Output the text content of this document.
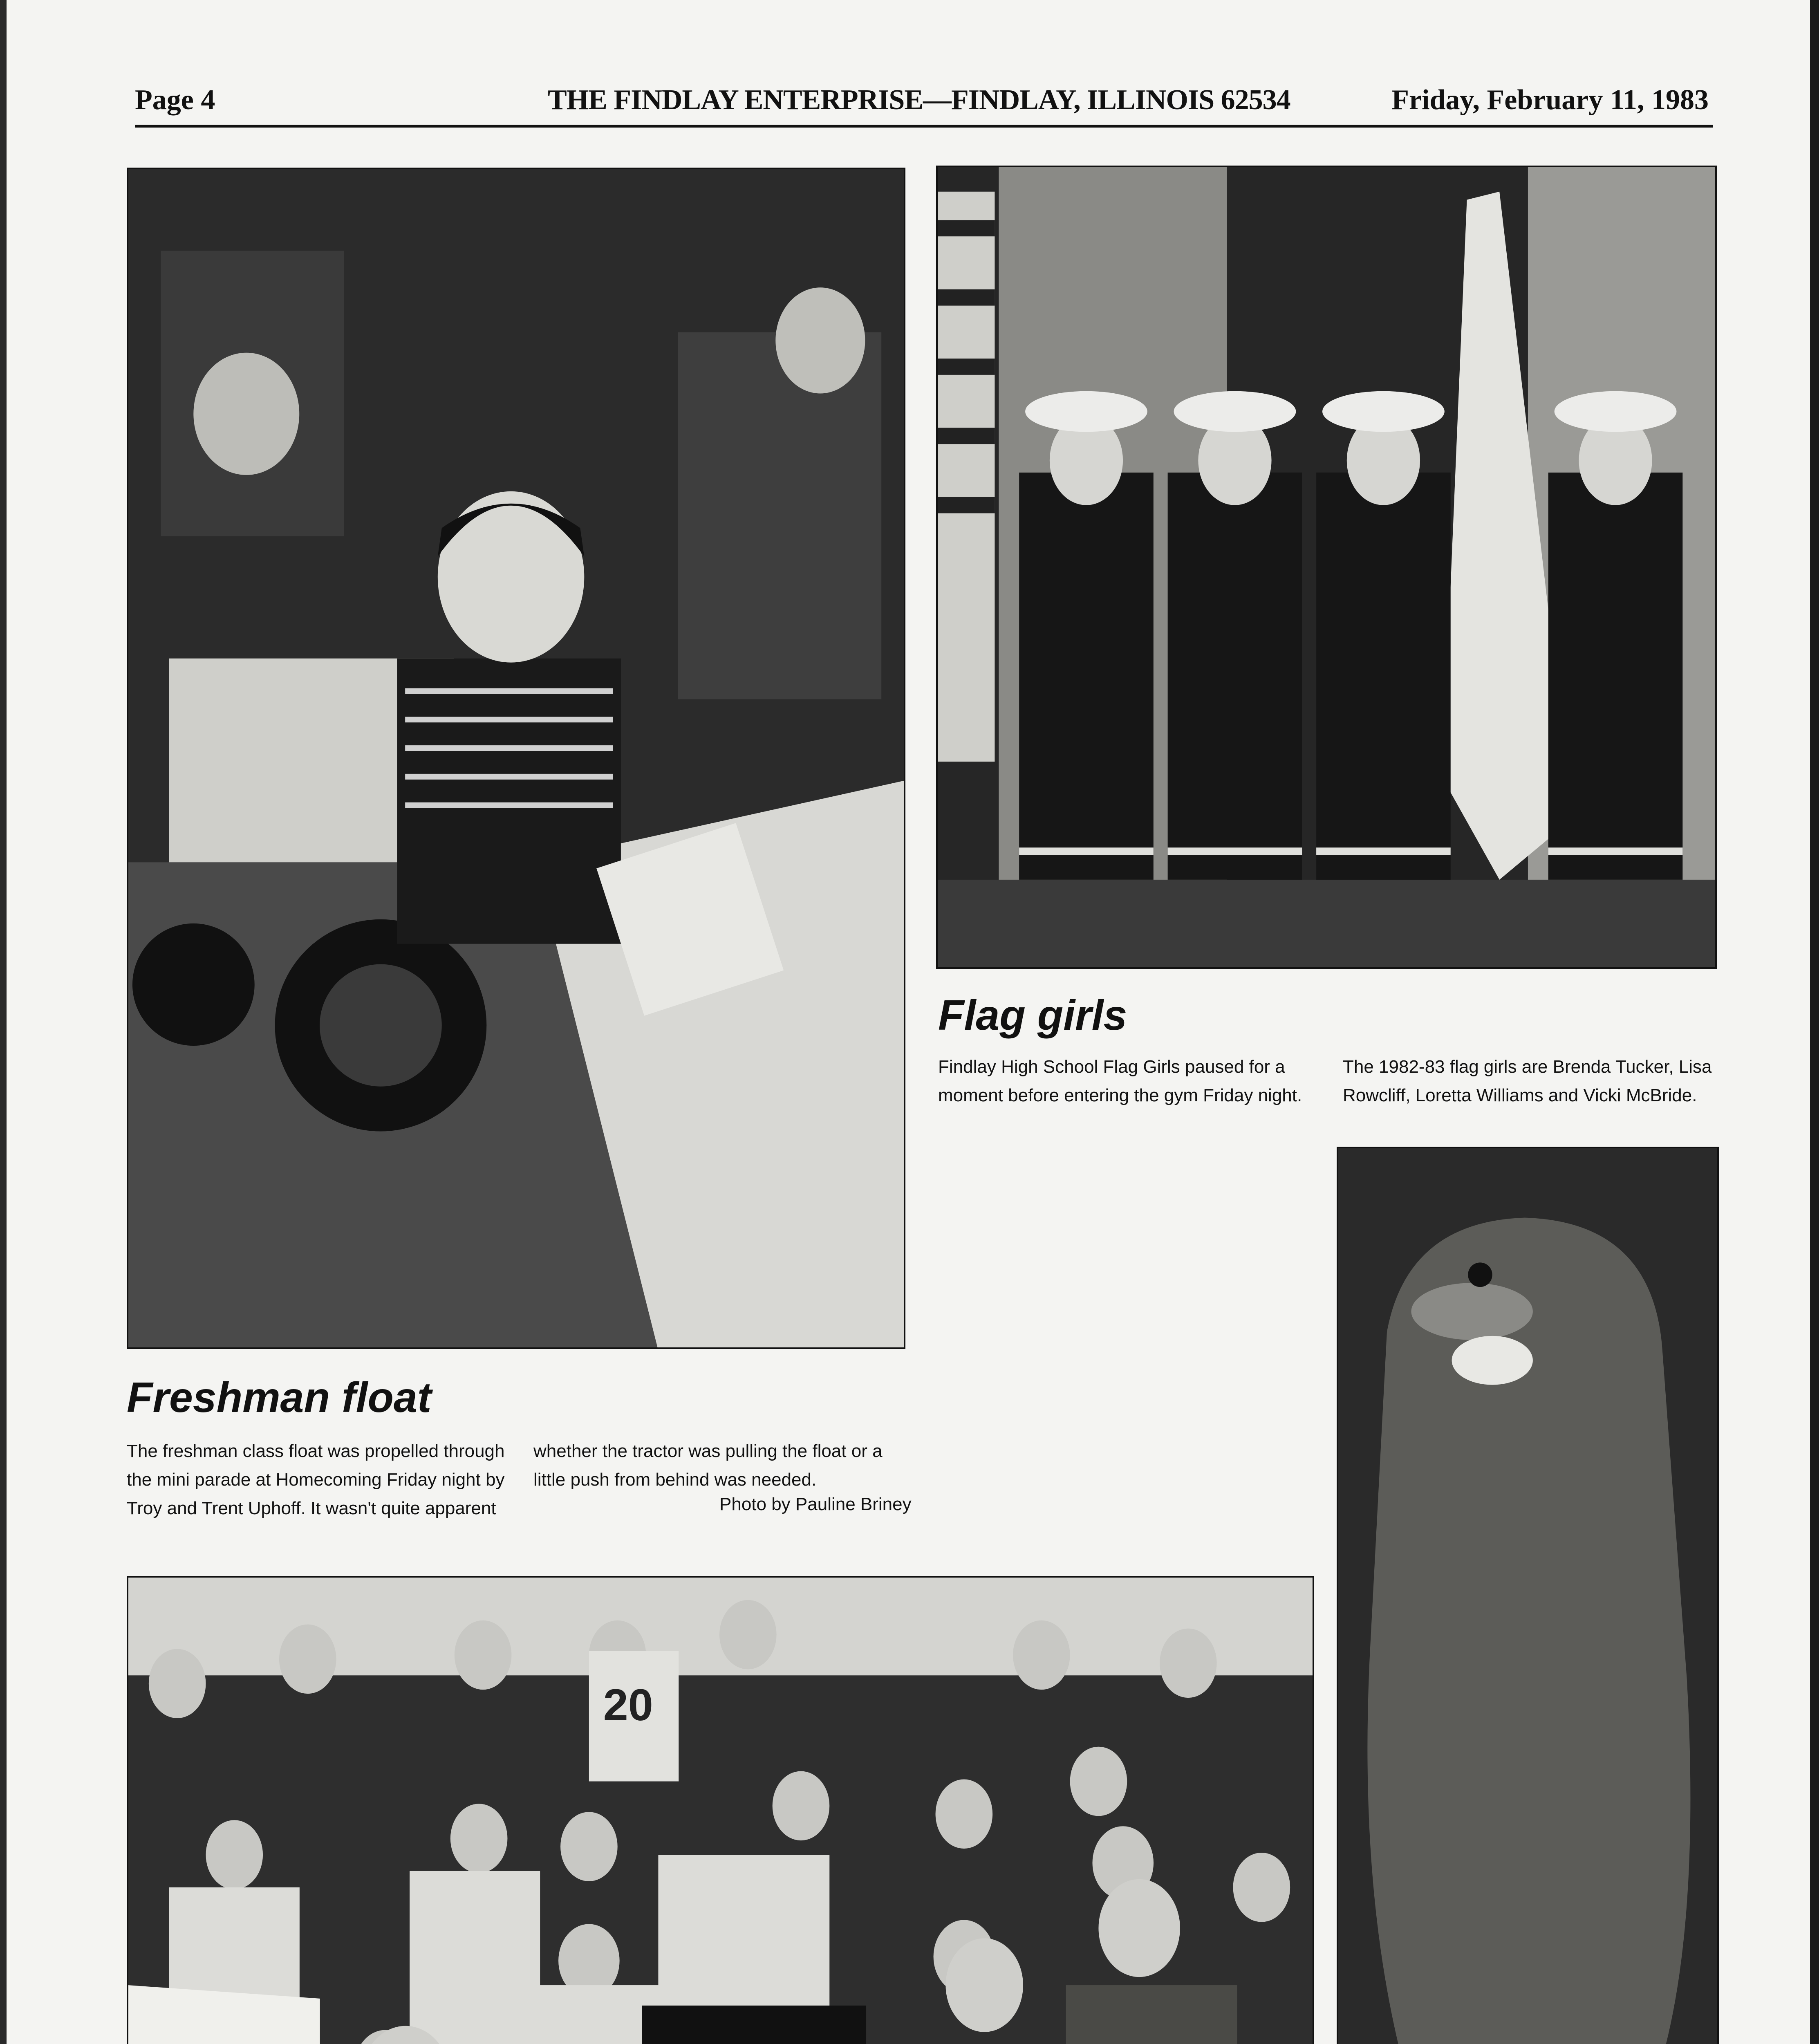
Page 4	THE FINDLAY ENTERPRISE—FINDLAY, ILLINOIS 62534	Friday, February 11, 1983
Flag girls
Findlay High School Flag Girls paused for a moment before entering the gym Friday night.
The 1982-83 flag girls are Brenda Tucker, Lisa Rowcliff, Loretta Williams and Vicki McBride.
Freshman float
The freshman class float was propelled through the mini parade at Homecoming Friday night by Troy and Trent Uphoff. It wasn't quite apparent
whether the tractor was pulling the float or a little push from behind was needed.
Photo by Pauline Briney
20
